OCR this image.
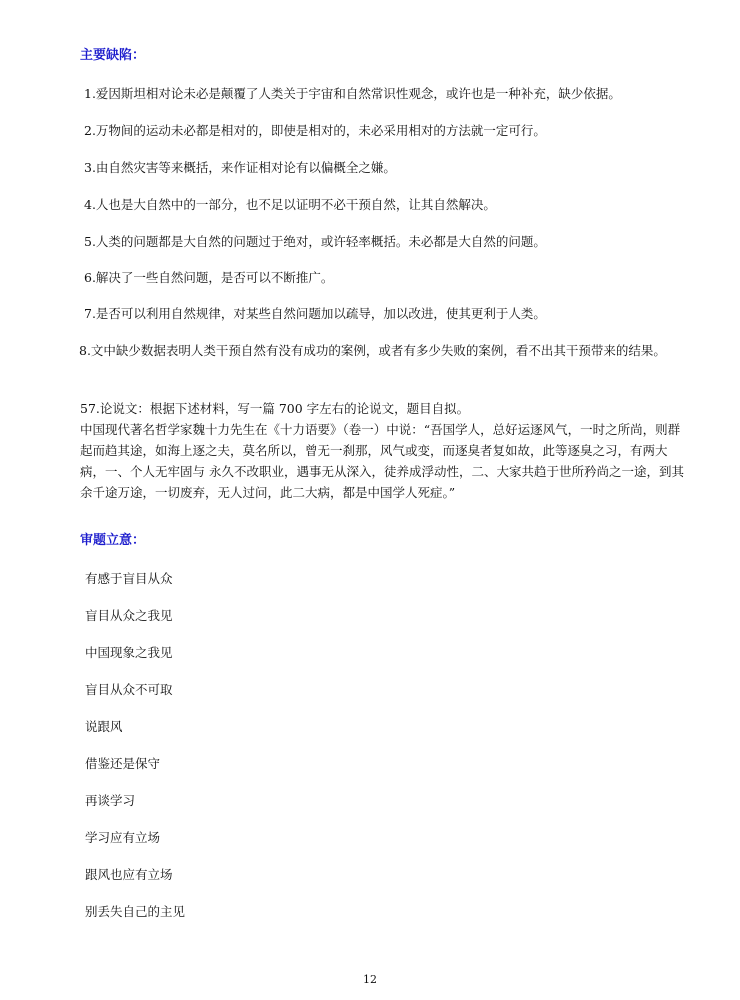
主要缺陷：
1.爱因斯坦相对论未必是颠覆了人类关于宇宙和自然常识性观念，或许也是一种补充，缺少依据。
2.万物间的运动未必都是相对的，即使是相对的，未必采用相对的方法就一定可行。
3.由自然灾害等来概括，来作证相对论有以偏概全之嫌。
4.人也是大自然中的一部分，也不足以证明不必干预自然，让其自然解决。
5.人类的问题都是大自然的问题过于绝对，或许轻率概括。未必都是大自然的问题。
6.解决了一些自然问题，是否可以不断推广。
7.是否可以利用自然规律，对某些自然问题加以疏导，加以改进，使其更利于人类。
8.文中缺少数据表明人类干预自然有没有成功的案例，或者有多少失败的案例，看不出其干预带来的结果。

57.论说文：根据下述材料，写一篇 700 字左右的论说文，题目自拟。

中国现代著名哲学家魏十力先生在《十力语要》（卷一）中说：“吾国学人，总好运逐风气，一时之所尚，则群起而趋其途，如海上逐之夫，莫名所以，曾无一刹那，风气或变，而逐臭者复如故，此等逐臭之习，有两大病，一、个人无牢固与 永久不改职业，遇事无从深入，徒养成浮动性，二、大家共趋于世所矜尚之一途，到其余千途万途，一切废弃，无人过问，此二大病，都是中国学人死症。”

审题立意：
有感于盲目从众
盲目从众之我见
中国现象之我见
盲目从众不可取
说跟风
借鉴还是保守
再谈学习
学习应有立场
跟风也应有立场
别丢失自己的主见
12
